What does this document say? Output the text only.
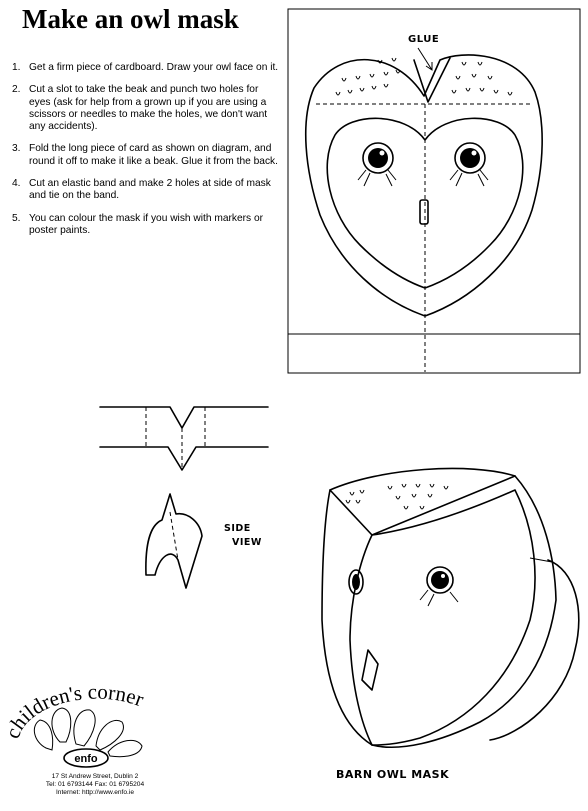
Make an owl mask
1. Get a firm piece of cardboard. Draw your owl face on it.
2. Cut a slot to take the beak and punch two holes for eyes (ask for help from a grown up if you are using a scissors or needles to make the holes, we don't want any accidents).
3. Fold the long piece of card as shown on diagram, and round it off to make it like a beak. Glue it from the back.
4. Cut an elastic band and make 2 holes at side of mask and tie on the band.
5. You can colour the mask if you wish with markers or poster paints.
GLUE
SIDE
VIEW
BARN OWL MASK
children's corner
enfo
17 St Andrew Street, Dublin 2
Tel: 01 6793144 Fax: 01 6795204
Internet: http://www.enfo.ie
